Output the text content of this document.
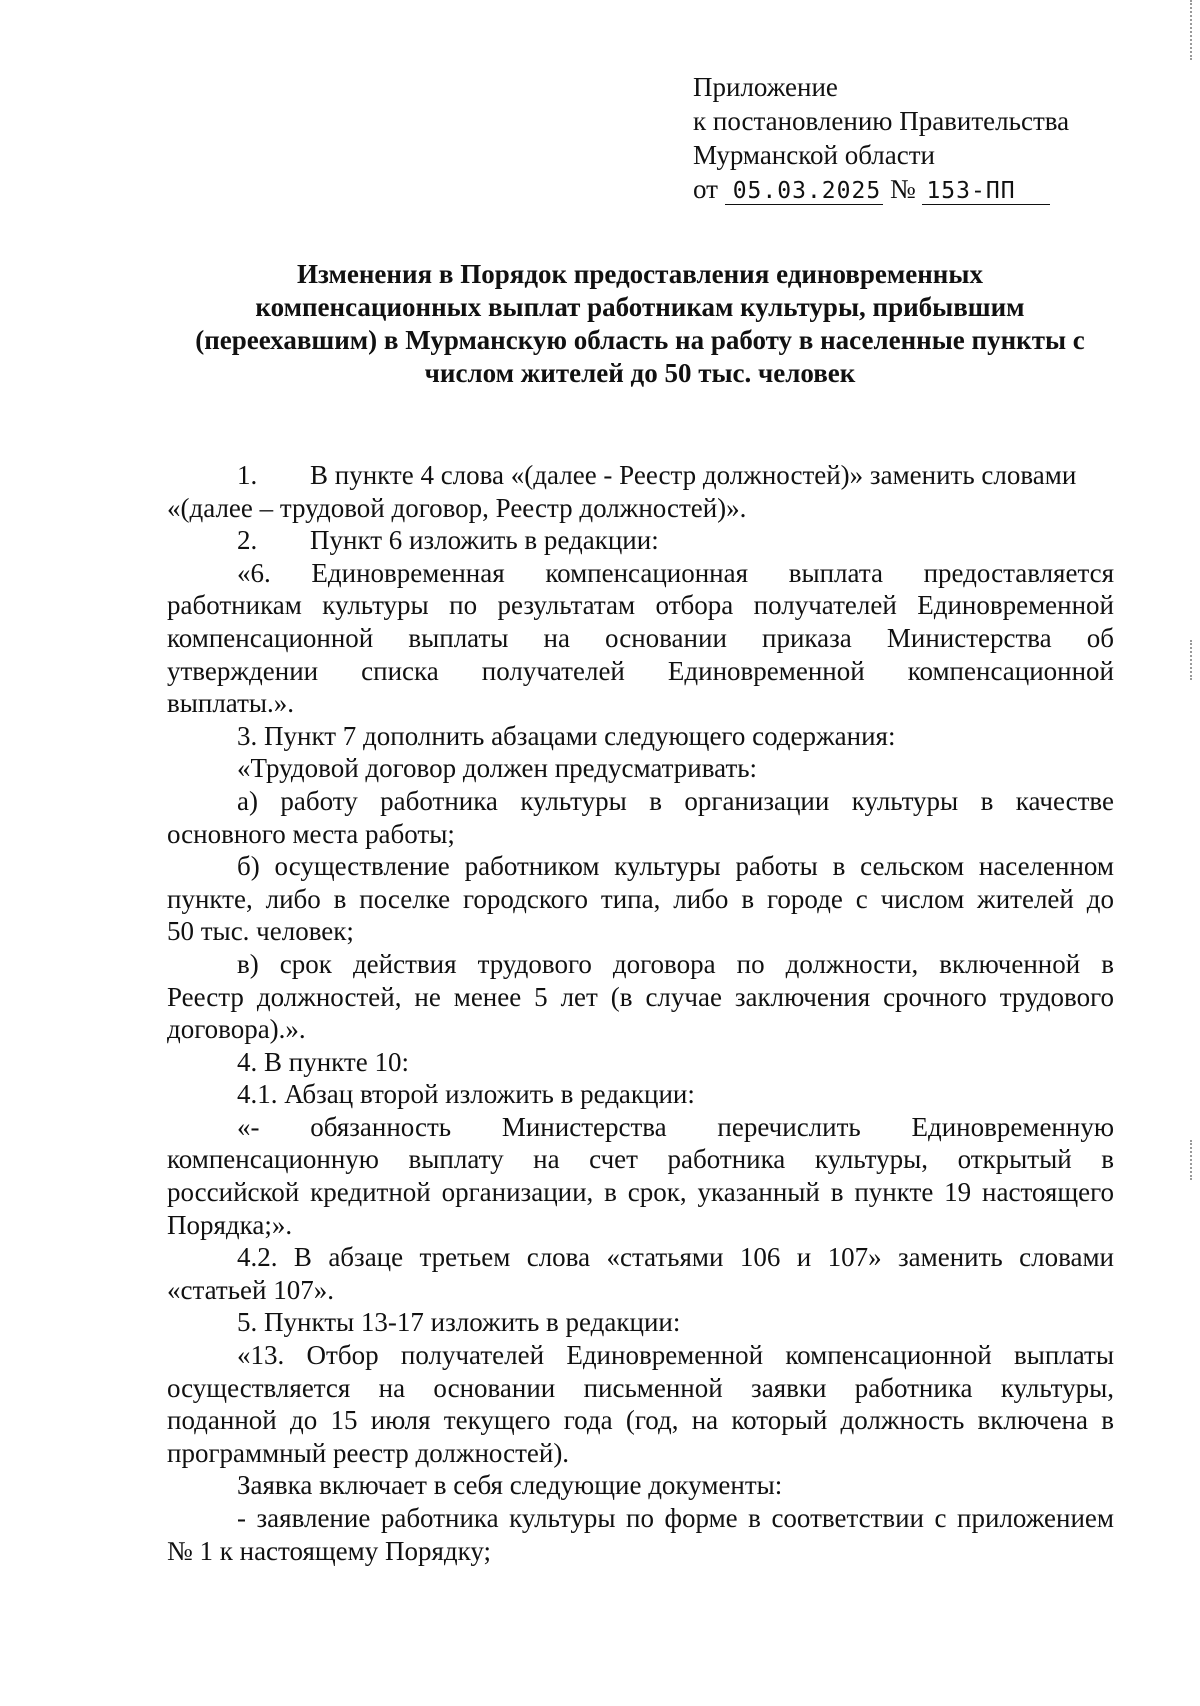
Приложение
к постановлению Правительства
Мурманской области
от 05.03.2025 № 153-ПП
Изменения в Порядок предоставления единовременных
компенсационных выплат работникам культуры, прибывшим
(переехавшим) в Мурманскую область на работу в населенные пункты с
числом жителей до 50 тыс. человек
1. В пункте 4 слова «(далее - Реестр должностей)» заменить словами
«(далее – трудовой договор, Реестр должностей)».
2. Пункт 6 изложить в редакции:
«6. Единовременная компенсационная выплата предоставляется
работникам культуры по результатам отбора получателей Единовременной
компенсационной выплаты на основании приказа Министерства об
утверждении списка получателей Единовременной компенсационной
выплаты.».
3. Пункт 7 дополнить абзацами следующего содержания:
«Трудовой договор должен предусматривать:
а) работу работника культуры в организации культуры в качестве
основного места работы;
б) осуществление работником культуры работы в сельском населенном
пункте, либо в поселке городского типа, либо в городе с числом жителей до
50 тыс. человек;
в) срок действия трудового договора по должности, включенной в
Реестр должностей, не менее 5 лет (в случае заключения срочного трудового
договора).».
4. В пункте 10:
4.1. Абзац второй изложить в редакции:
«- обязанность Министерства перечислить Единовременную
компенсационную выплату на счет работника культуры, открытый в
российской кредитной организации, в срок, указанный в пункте 19 настоящего
Порядка;».
4.2. В абзаце третьем слова «статьями 106 и 107» заменить словами
«статьей 107».
5. Пункты 13-17 изложить в редакции:
«13. Отбор получателей Единовременной компенсационной выплаты
осуществляется на основании письменной заявки работника культуры,
поданной до 15 июля текущего года (год, на который должность включена в
программный реестр должностей).
Заявка включает в себя следующие документы:
- заявление работника культуры по форме в соответствии с приложением
№ 1 к настоящему Порядку;
